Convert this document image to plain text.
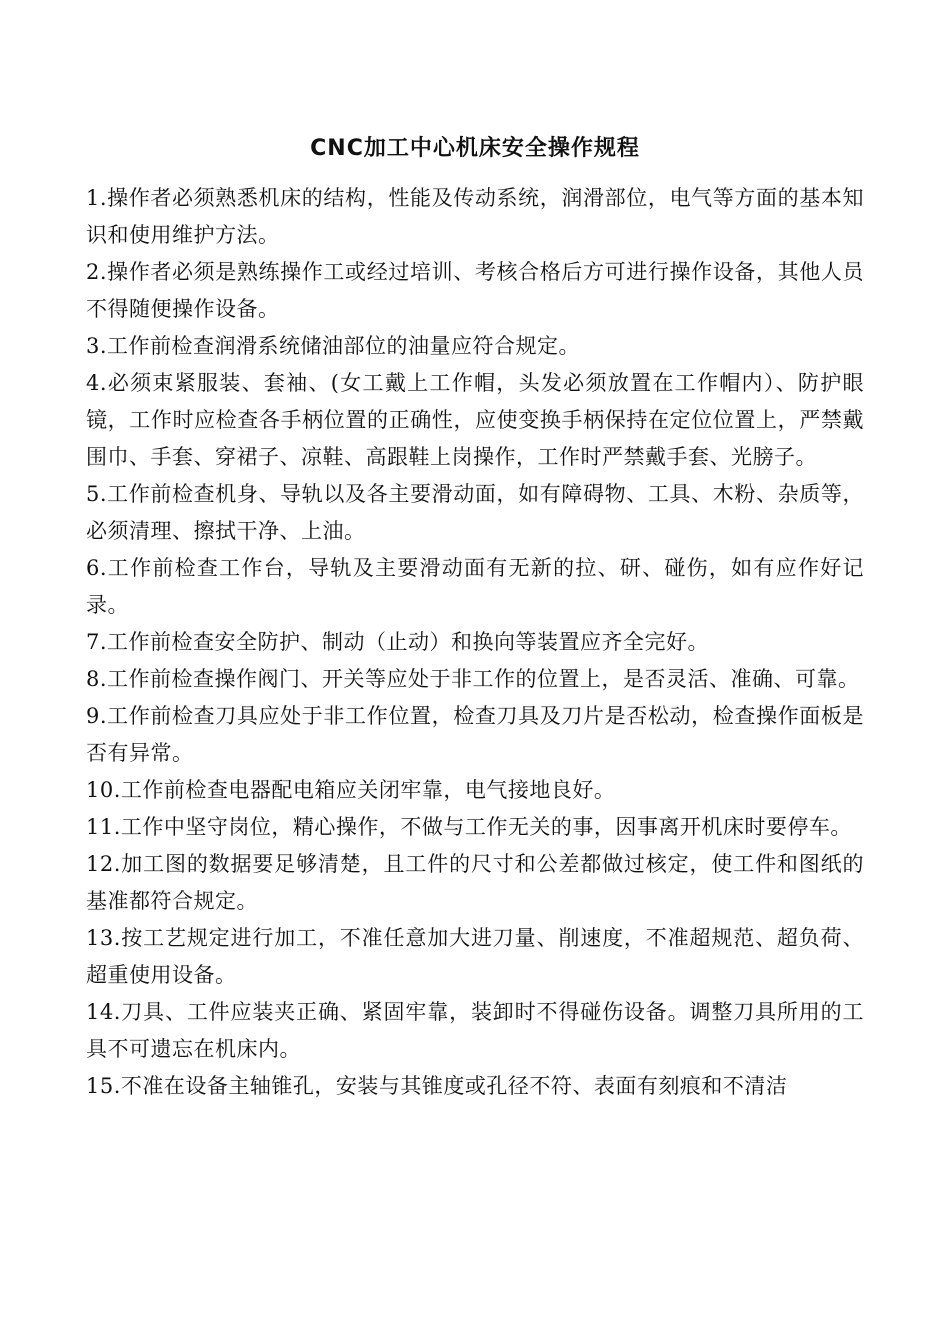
CNC加工中心机床安全操作规程

1.操作者必须熟悉机床的结构，性能及传动系统，润滑部位，电气等方面的基本知识和使用维护方法。

2.操作者必须是熟练操作工或经过培训、考核合格后方可进行操作设备，其他人员不得随便操作设备。

3.工作前检查润滑系统储油部位的油量应符合规定。

4.必须束紧服装、套袖、(女工戴上工作帽，头发必须放置在工作帽内）、防护眼镜，工作时应检查各手柄位置的正确性，应使变换手柄保持在定位位置上，严禁戴围巾、手套、穿裙子、凉鞋、高跟鞋上岗操作，工作时严禁戴手套、光膀子。

5.工作前检查机身、导轨以及各主要滑动面，如有障碍物、工具、木粉、杂质等，必须清理、擦拭干净、上油。

6.工作前检查工作台，导轨及主要滑动面有无新的拉、研、碰伤，如有应作好记录。

7.工作前检查安全防护、制动（止动）和换向等装置应齐全完好。

8.工作前检查操作阀门、开关等应处于非工作的位置上，是否灵活、准确、可靠。

9.工作前检查刀具应处于非工作位置，检查刀具及刀片是否松动，检查操作面板是否有异常。

10.工作前检查电器配电箱应关闭牢靠，电气接地良好。

11.工作中坚守岗位，精心操作，不做与工作无关的事，因事离开机床时要停车。

12.加工图的数据要足够清楚，且工件的尺寸和公差都做过核定，使工件和图纸的基准都符合规定。

13.按工艺规定进行加工，不准任意加大进刀量、削速度，不准超规范、超负荷、超重使用设备。

14.刀具、工件应装夹正确、紧固牢靠，装卸时不得碰伤设备。调整刀具所用的工具不可遗忘在机床内。

15.不准在设备主轴锥孔，安装与其锥度或孔径不符、表面有刻痕和不清洁
